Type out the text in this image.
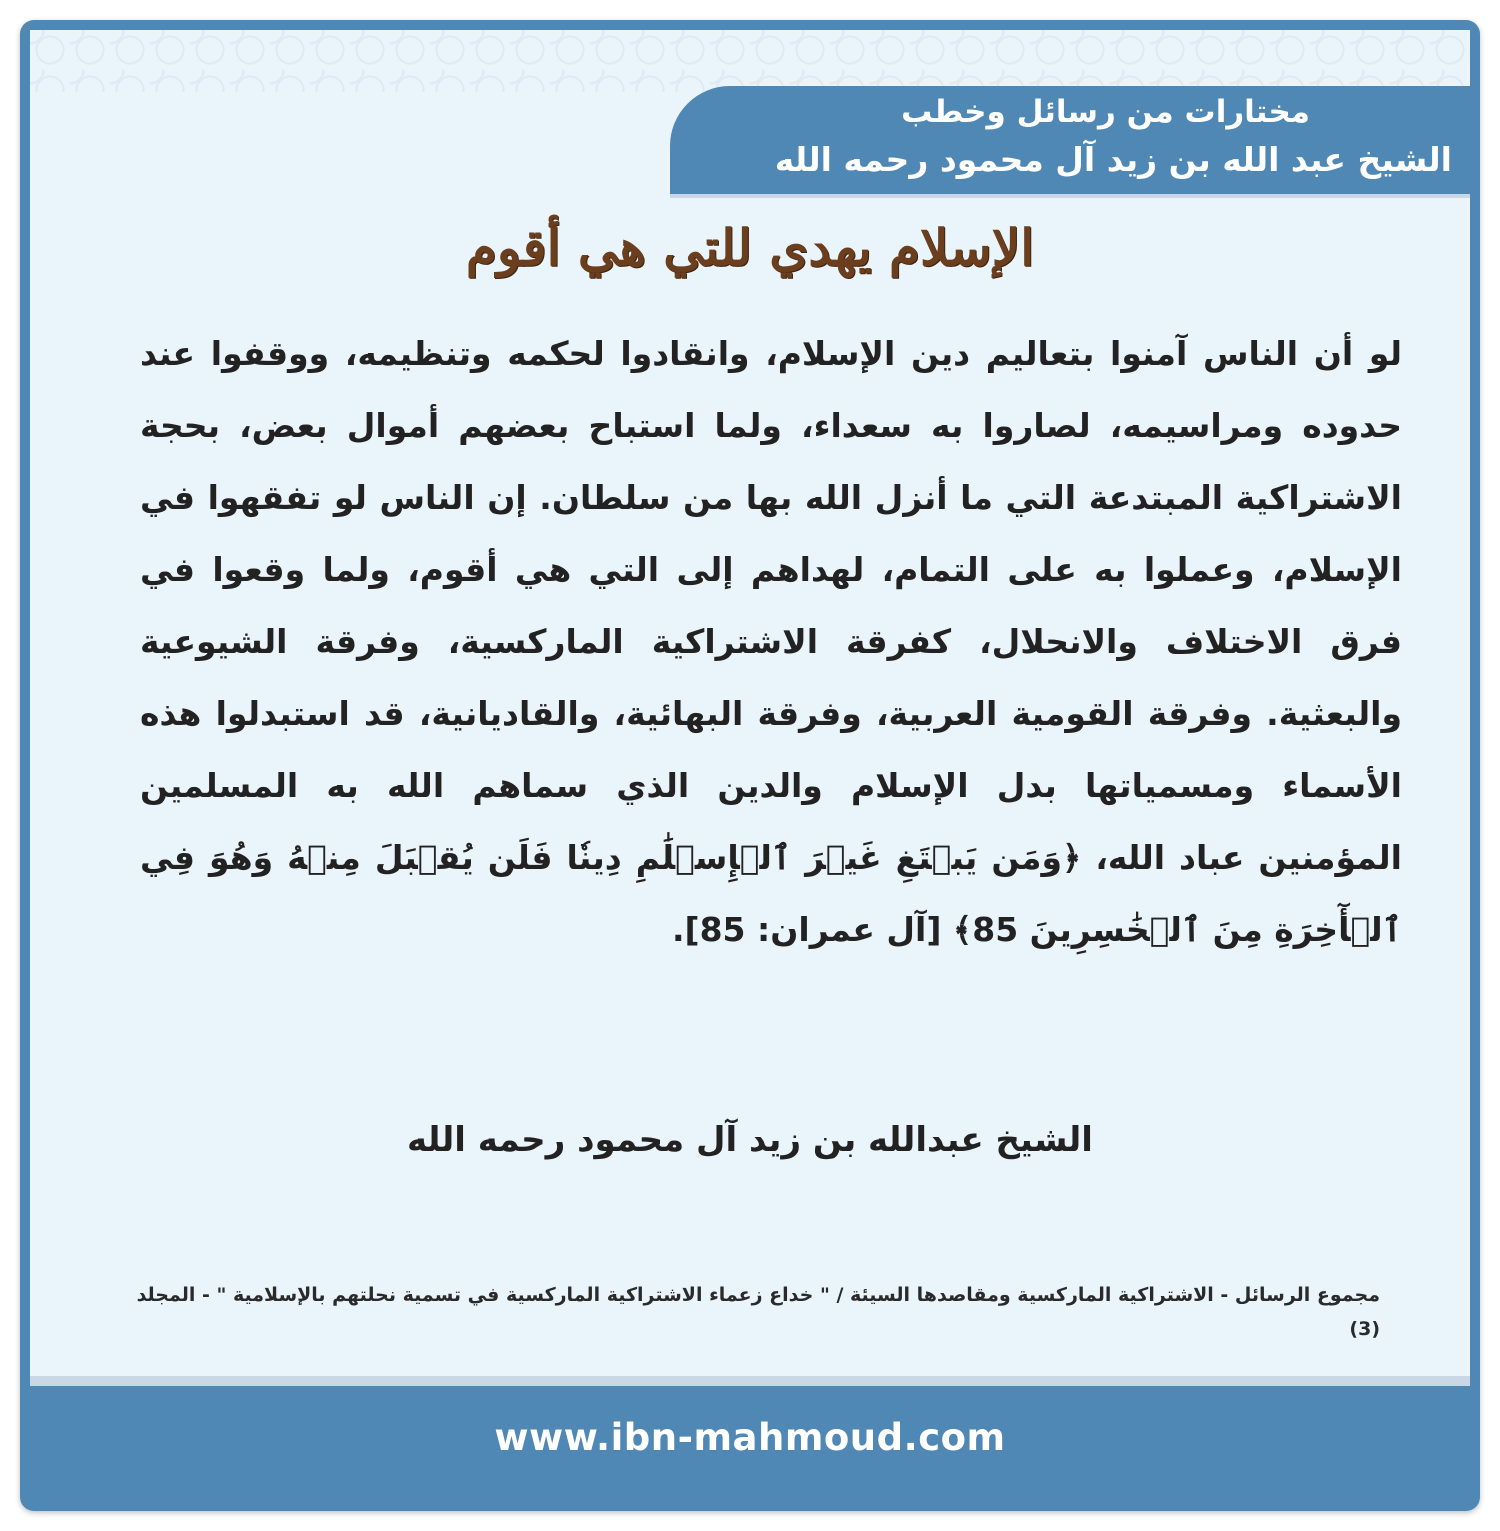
مختارات من رسائل وخطب
الشيخ عبد الله بن زيد آل محمود رحمه الله
الإسلام يهدي للتي هي أقوم

لو أن الناس آمنوا بتعاليم دين الإسلام، وانقادوا لحكمه وتنظيمه، ووقفوا عند حدوده ومراسيمه، لصاروا به سعداء، ولما استباح بعضهم أموال بعض، بحجة الاشتراكية المبتدعة التي ما أنزل الله بها من سلطان. إن الناس لو تفقهوا في الإسلام، وعملوا به على التمام، لهداهم إلى التي هي أقوم، ولما وقعوا في فرق الاختلاف والانحلال، كفرقة الاشتراكية الماركسية، وفرقة الشيوعية والبعثية. وفرقة القومية العربية، وفرقة البهائية، والقاديانية، قد استبدلوا هذه الأسماء ومسمياتها بدل الإسلام والدين الذي سماهم الله به المسلمين المؤمنين عباد الله، ﴿وَمَن يَبۡتَغِ غَيۡرَ ٱلۡإِسۡلَٰمِ دِينٗا فَلَن يُقۡبَلَ مِنۡهُ وَهُوَ فِي ٱلۡأٓخِرَةِ مِنَ ٱلۡخَٰسِرِينَ 85﴾ [آل عمران: 85].

الشيخ عبدالله بن زيد آل محمود رحمه الله

مجموع الرسائل - الاشتراكية الماركسية ومقاصدها السيئة / " خداع زعماء الاشتراكية الماركسية في تسمية نحلتهم بالإسلامية " - المجلد (3)

www.ibn-mahmoud.com
